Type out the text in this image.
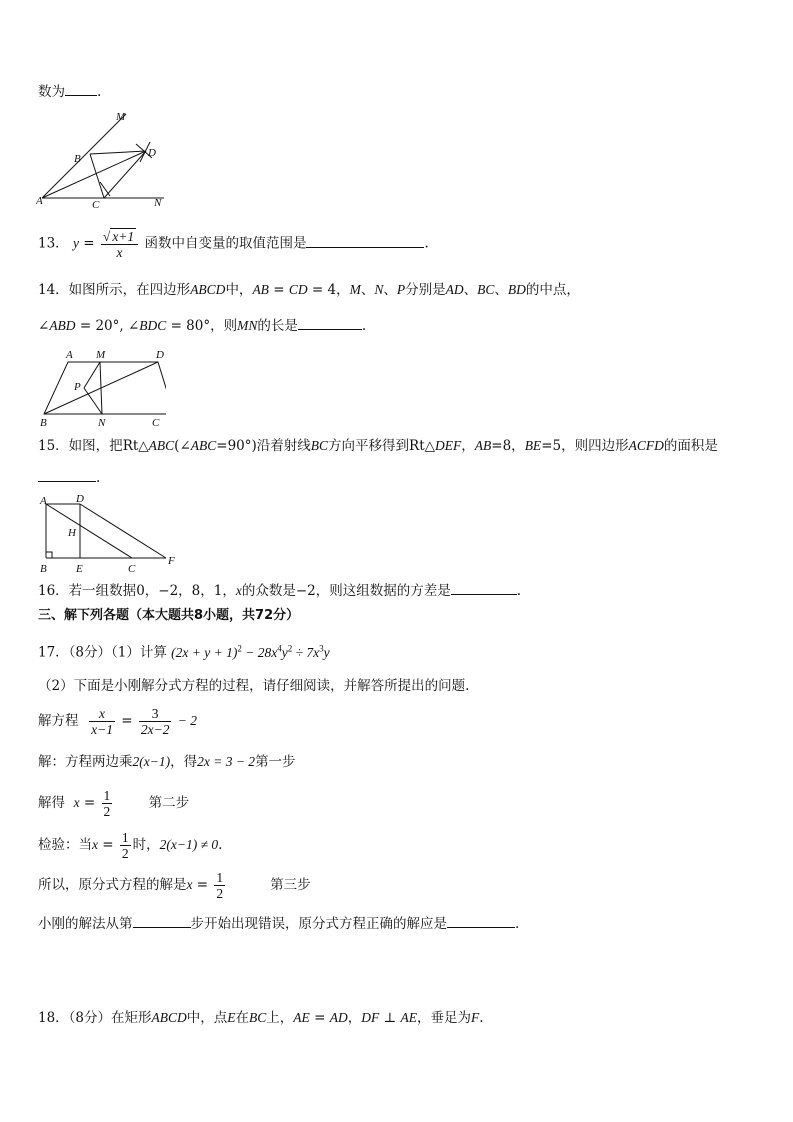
数为 .
M
B	D
A	C	N
13． $y = \frac{√ x+1}{x}$ 函数中自变量的取值范围是	.
14．如图所示，在四边形ABCD中，AB = CD = 4，M、N、P分别是AD、BC、BD的中点，
∠ABD = 20°, ∠BDC = 80°，则MN的长是	.
A M	D
P
B	N	C
15．如图，把Rt△ABC(∠ABC=90°)沿着射线BC方向平移得到Rt△DEF，AB=8，BE=5，则四边形ACFD的面积是
.
A	D
H
B	E	C
F
16．若一组数据0，−2，8，1，x的众数是−2，则这组数据的方差是	.
三、解下列各题（本大题共8小题，共72分）
17．（8分）（1）计算 $(2x + y + 1)^2 - 28x^4y^2 \div 7x^3y$
（2）下面是小刚解分式方程的过程，请仔细阅读，并解答所提出的问题.
解方程 $\frac{x}{x-1} = \frac{3}{2x-2} - 2$
解：方程两边乘2(x−1)，得2x = 3 − 2第一步
解得 $x = \frac{1}{2}$	第二步
检验：当$x = \frac{1}{2}$ 时，2(x−1) ≠ 0.
所以，原分式方程的解是$x = \frac{1}{2}$	第三步
小刚的解法从第	步开始出现错误，原分式方程正确的解应是	.
18．（8分）在矩形ABCD中，点E在BC上，AE = AD，DF ⊥ AE，垂足为F.
